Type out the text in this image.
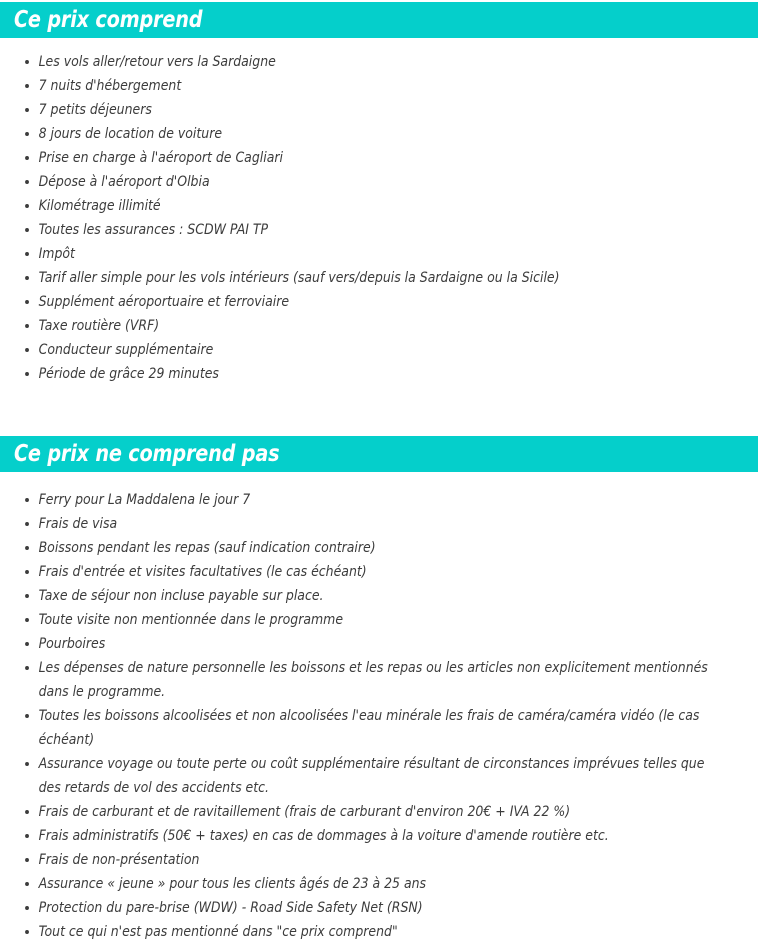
Ce prix comprend
Les vols aller/retour vers la Sardaigne
7 nuits d'hébergement
7 petits déjeuners
8 jours de location de voiture
Prise en charge à l'aéroport de Cagliari
Dépose à l'aéroport d'Olbia
Kilométrage illimité
Toutes les assurances : SCDW PAI TP
Impôt
Tarif aller simple pour les vols intérieurs (sauf vers/depuis la Sardaigne ou la Sicile)
Supplément aéroportuaire et ferroviaire
Taxe routière (VRF)
Conducteur supplémentaire
Période de grâce 29 minutes
Ce prix ne comprend pas
Ferry pour La Maddalena le jour 7
Frais de visa
Boissons pendant les repas (sauf indication contraire)
Frais d'entrée et visites facultatives (le cas échéant)
Taxe de séjour non incluse payable sur place.
Toute visite non mentionnée dans le programme
Pourboires
Les dépenses de nature personnelle les boissons et les repas ou les articles non explicitement mentionnés dans le programme.
Toutes les boissons alcoolisées et non alcoolisées l'eau minérale les frais de caméra/caméra vidéo (le cas échéant)
Assurance voyage ou toute perte ou coût supplémentaire résultant de circonstances imprévues telles que des retards de vol des accidents etc.
Frais de carburant et de ravitaillement (frais de carburant d'environ 20€ + IVA 22 %)
Frais administratifs (50€ + taxes) en cas de dommages à la voiture d'amende routière etc.
Frais de non-présentation
Assurance « jeune » pour tous les clients âgés de 23 à 25 ans
Protection du pare-brise (WDW) - Road Side Safety Net (RSN)
Tout ce qui n'est pas mentionné dans "ce prix comprend"
